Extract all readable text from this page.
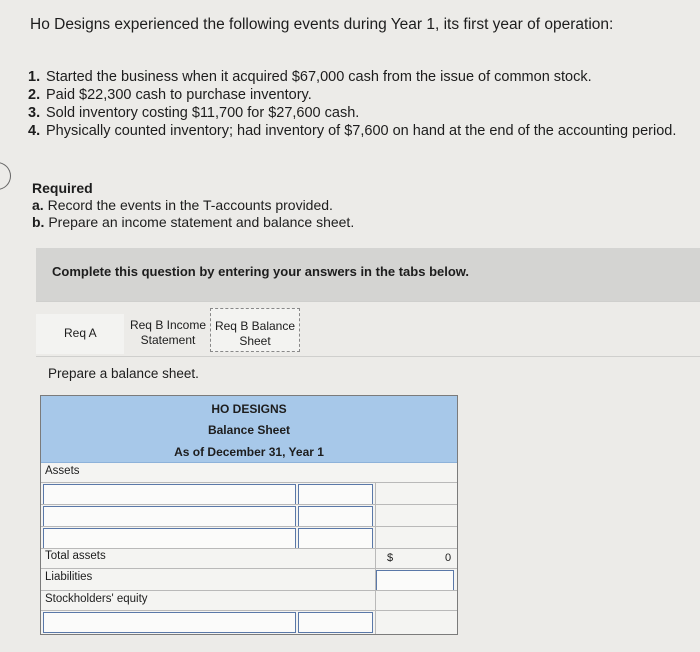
Ho Designs experienced the following events during Year 1, its first year of operation:
1. Started the business when it acquired $67,000 cash from the issue of common stock.
2. Paid $22,300 cash to purchase inventory.
3. Sold inventory costing $11,700 for $27,600 cash.
4. Physically counted inventory; had inventory of $7,600 on hand at the end of the accounting period.
Required
a. Record the events in the T-accounts provided.
b. Prepare an income statement and balance sheet.
Complete this question by entering your answers in the tabs below.
Req A
Req B Income
Statement
Req B Balance
Sheet
Prepare a balance sheet.
HO DESIGNS
Balance Sheet
As of December 31, Year 1
Assets
Total assets	$	0
Liabilities
Stockholders' equity
